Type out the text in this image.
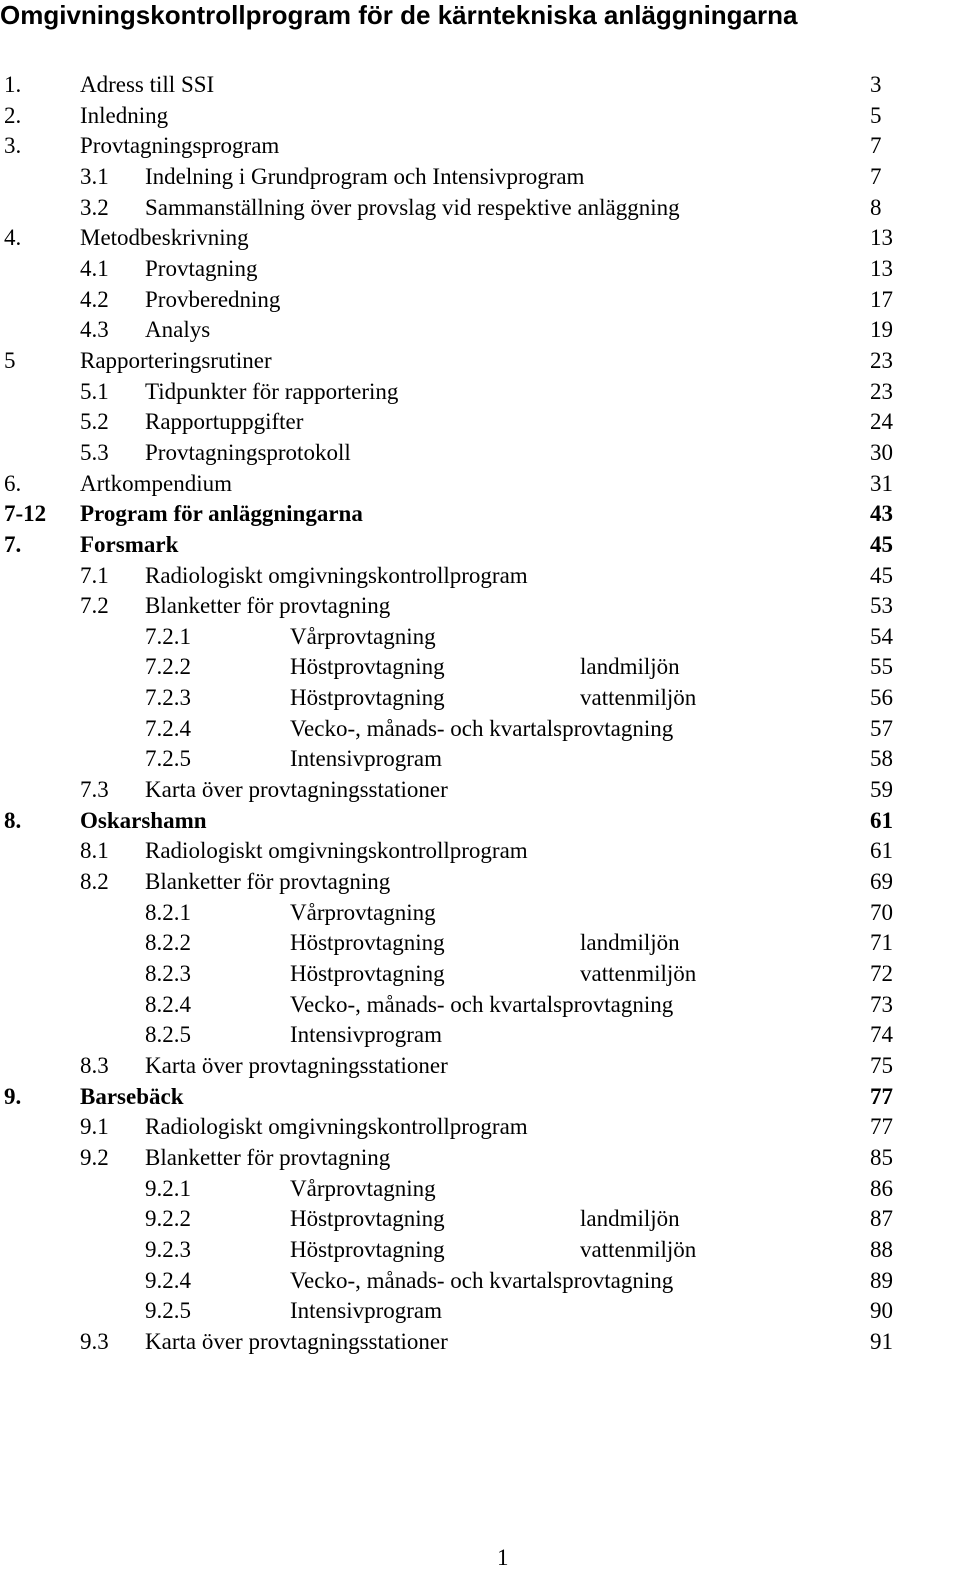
Omgivningskontrollprogram för de kärntekniska anläggningarna
1.	Adress till SSI	3
2.	Inledning	5
3.	Provtagningsprogram	7
3.1 Indelning i Grundprogram och Intensivprogram	7
3.2 Sammanställning över provslag vid respektive anläggning	8
4.	Metodbeskrivning	13
4.1 Provtagning	13
4.2 Provberedning	17
4.3 Analys	19
5	Rapporteringsrutiner	23
5.1 Tidpunkter för rapportering	23
5.2 Rapportuppgifter	24
5.3 Provtagningsprotokoll	30
6.	Artkompendium	31
7-12 Program för anläggningarna	43
7.	Forsmark	45
7.1 Radiologiskt omgivningskontrollprogram	45
7.2 Blanketter för provtagning	53
7.2.1	Vårprovtagning	54
7.2.2	Höstprovtagning	landmiljön	55
7.2.3	Höstprovtagning	vattenmiljön	56
7.2.4	Vecko-, månads- och kvartalsprovtagning	57
7.2.5	Intensivprogram	58
7.3 Karta över provtagningsstationer	59
8.	Oskarshamn	61
8.1 Radiologiskt omgivningskontrollprogram	61
8.2 Blanketter för provtagning	69
8.2.1	Vårprovtagning	70
8.2.2	Höstprovtagning	landmiljön	71
8.2.3	Höstprovtagning	vattenmiljön	72
8.2.4	Vecko-, månads- och kvartalsprovtagning	73
8.2.5	Intensivprogram	74
8.3 Karta över provtagningsstationer	75
9.	Barsebäck	77
9.1 Radiologiskt omgivningskontrollprogram	77
9.2 Blanketter för provtagning	85
9.2.1	Vårprovtagning	86
9.2.2	Höstprovtagning	landmiljön	87
9.2.3	Höstprovtagning	vattenmiljön	88
9.2.4	Vecko-, månads- och kvartalsprovtagning	89
9.2.5	Intensivprogram	90
9.3 Karta över provtagningsstationer	91
1
